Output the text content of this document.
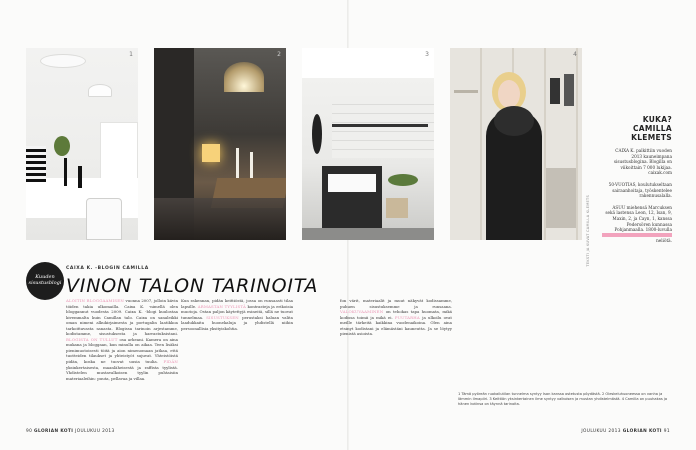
1	2	3	4
TEKSTI JA KUVAT CAMILLA KLEMETS
KUKA?
CAMILLA
KLEMETS

CAIXA K. palkittiin vuoden 2013 kauneimpana sisustusblogina. Blogilla on viikoittain 7 000 lukijaa. caixak.com

50-VUOTIAS, koulutukseltaan sairaanhoitaja, työskentelee rakennusalalla.

ASUU miehensä Marcuksen sekä lastensa Leon, 12, Isan, 9, Maxin, 2, ja Cayn, 1, kanssa Pedersören kunnassa Pohjanmaalla. 1800-luvulla neliötä.

Kuuden
sisustusblogi
CAIXA K. -BLOGIN CAMILLA
VINON TALON TARINOITA
ALOITIN BLOGGAAMISEN vuonna 2007, jolloin kävin töiden takia ulkomailla. Caixa K. -nimellä olen bloggannut vuodesta 2009. Caixa K. -blogi kuulostaa kivemmalta kuin Camillan talo. Caixa on sanaleikki oman nimeni alkukirjaimesta ja portugalin laatikkoa tarkoittavasta sanasta. Blogissa tarinoin arjestamme, kodistamme, sisustuksesta ja harrastuksistani. BLOGISTA ON TULLUT osa arkeani. Kamera on aina mukana ja bloggaan, kun minulla on aikaa. Teen lisäksi pienimuotoisesti töitä ja aion nimenomaan jatkaa, että tuotteiden tilaukset ja yhteistyöt sujuvat. Yhteistöistä pidän, koska ne tuovat uusia tuulia. PIDÄN yksinkertaisesta, maanläheisestä ja raffista tyylistä. Yhdistelen mustavalkoisen tyylin puhtaisiin materiaaleihin: puuta, pellavaa ja villaa.
Kun rakennan, pidän keittiöstä, jossa on runsaasti tilaa lapsille. ARMASTAN TYYLISTÄ kontrasteja ja erikoisia muotoja. Ostan paljon käytettyjä esineitä, sillä ne tuovat tunnelmaa. SISUSTUKSEN perustaksi haluan valita laadukkaita huonekaluja ja yhdistellä niihin persoonallisia yksityiskohtia.
fon värit, materiaalit ja muut näkyvät kodissamme, puhuen sisustuksemme ja runsaana. VALOKUVAAMINEN on tehokas tapa huomata, mikä kodissa toimii ja mikä ei. PUUTARHA ja ulkoilu ovat meille tärkeitä kaikkina vuodenaikoina. Olen aina etsinyt kodistani ja elämästäni kauneutta. Ja se löytyy pienistä asioista.
1 Tämä pyöreän ruokailutilan tunnelma syntyy Isan kanssa ostetusta pöydästä. 2 Oleskeluhuoneessa on vanha ja lämmin ilmapiiri. 3 Keittiön yksinkertainen ilme syntyy valkoisen ja mustan yhdistelmästä. 4 Camilla on puuhakas ja hänen kotinsa on täynnä tarinoita.
90 GLORIAN KOTI JOULUKUU 2013	JOULUKUU 2013 GLORIAN KOTI 91
